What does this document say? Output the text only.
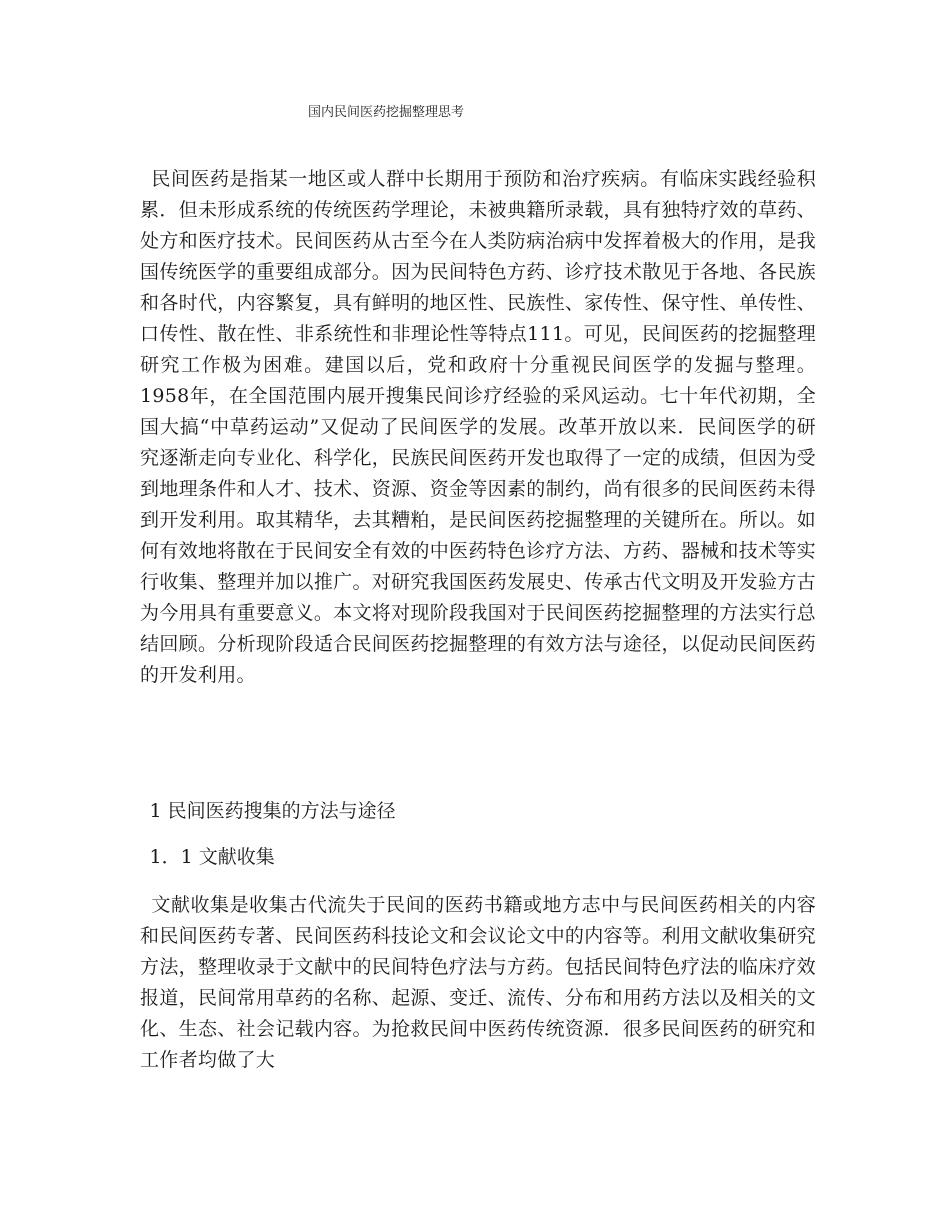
国内民间医药挖掘整理思考

民间医药是指某一地区或人群中长期用于预防和治疗疾病。有临床实践经验积累．但未形成系统的传统医药学理论，未被典籍所录载，具有独特疗效的草药、处方和医疗技术。民间医药从古至今在人类防病治病中发挥着极大的作用，是我国传统医学的重要组成部分。因为民间特色方药、诊疗技术散见于各地、各民族和各时代，内容繁复，具有鲜明的地区性、民族性、家传性、保守性、单传性、口传性、散在性、非系统性和非理论性等特点111。可见，民间医药的挖掘整理研究工作极为困难。建国以后，党和政府十分重视民间医学的发掘与整理。1958年，在全国范围内展开搜集民间诊疗经验的采风运动。七十年代初期，全国大搞“中草药运动”又促动了民间医学的发展。改革开放以来．民间医学的研究逐渐走向专业化、科学化，民族民间医药开发也取得了一定的成绩，但因为受到地理条件和人才、技术、资源、资金等因素的制约，尚有很多的民间医药未得到开发利用。取其精华，去其糟粕，是民间医药挖掘整理的关键所在。所以。如何有效地将散在于民间安全有效的中医药特色诊疗方法、方药、器械和技术等实行收集、整理并加以推广。对研究我国医药发展史、传承古代文明及开发验方古为今用具有重要意义。本文将对现阶段我国对于民间医药挖掘整理的方法实行总结回顾。分析现阶段适合民间医药挖掘整理的有效方法与途径，以促动民间医药的开发利用。

1 民间医药搜集的方法与途径

1．1 文献收集

文献收集是收集古代流失于民间的医药书籍或地方志中与民间医药相关的内容和民间医药专著、民间医药科技论文和会议论文中的内容等。利用文献收集研究方法，整理收录于文献中的民间特色疗法与方药。包括民间特色疗法的临床疗效报道，民间常用草药的名称、起源、变迁、流传、分布和用药方法以及相关的文化、生态、社会记载内容。为抢救民间中医药传统资源．很多民间医药的研究和工作者均做了大
